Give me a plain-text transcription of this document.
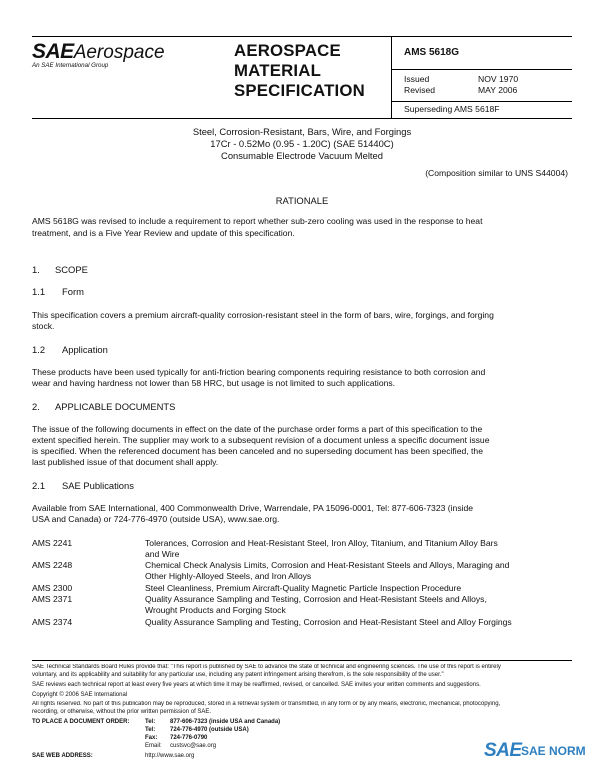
SAEAerospace
An SAE International Group
AEROSPACE
MATERIAL
SPECIFICATION
AMS 5618G
Issued	NOV 1970
Revised	MAY 2006
Superseding AMS 5618F
Steel, Corrosion-Resistant, Bars, Wire, and Forgings
17Cr - 0.52Mo (0.95 - 1.20C) (SAE 51440C)
Consumable Electrode Vacuum Melted
(Composition similar to UNS S44004)
RATIONALE
AMS 5618G was revised to include a requirement to report whether sub-zero cooling was used in the response to heat
treatment, and is a Five Year Review and update of this specification.
1. SCOPE
1.1 Form
This specification covers a premium aircraft-quality corrosion-resistant steel in the form of bars, wire, forgings, and forging
stock.
1.2 Application
These products have been used typically for anti-friction bearing components requiring resistance to both corrosion and
wear and having hardness not lower than 58 HRC, but usage is not limited to such applications.
2. APPLICABLE DOCUMENTS
The issue of the following documents in effect on the date of the purchase order forms a part of this specification to the
extent specified herein. The supplier may work to a subsequent revision of a document unless a specific document issue
is specified. When the referenced document has been canceled and no superseding document has been specified, the
last published issue of that document shall apply.
2.1 SAE Publications
Available from SAE International, 400 Commonwealth Drive, Warrendale, PA 15096-0001, Tel: 877-606-7323 (inside
USA and Canada) or 724-776-4970 (outside USA), www.sae.org.
AMS 2241	Tolerances, Corrosion and Heat-Resistant Steel, Iron Alloy, Titanium, and Titanium Alloy Bars
and Wire
AMS 2248	Chemical Check Analysis Limits, Corrosion and Heat-Resistant Steels and Alloys, Maraging and
Other Highly-Alloyed Steels, and Iron Alloys
AMS 2300	Steel Cleanliness, Premium Aircraft-Quality Magnetic Particle Inspection Procedure
AMS 2371	Quality Assurance Sampling and Testing, Corrosion and Heat-Resistant Steels and Alloys,
Wrought Products and Forging Stock
AMS 2374	Quality Assurance Sampling and Testing, Corrosion and Heat-Resistant Steel and Alloy Forgings
SAE Technical Standards Board Rules provide that: "This report is published by SAE to advance the state of technical and engineering sciences. The use of this report is entirely
voluntary, and its applicability and suitability for any particular use, including any patent infringement arising therefrom, is the sole responsibility of the user."
SAE reviews each technical report at least every five years at which time it may be reaffirmed, revised, or cancelled. SAE invites your written comments and suggestions.
Copyright © 2006 SAE International
All rights reserved. No part of this publication may be reproduced, stored in a retrieval system or transmitted, in any form or by any means, electronic, mechanical, photocopying,
recording, or otherwise, without the prior written permission of SAE.
TO PLACE A DOCUMENT ORDER:	Tel: 877-606-7323 (inside USA and Canada)
Tel: 724-776-4970 (outside USA)
Fax: 724-776-0790
Email: custsvc@sae.org
SAE WEB ADDRESS:	http://www.sae.org	SAE SAE NORM
